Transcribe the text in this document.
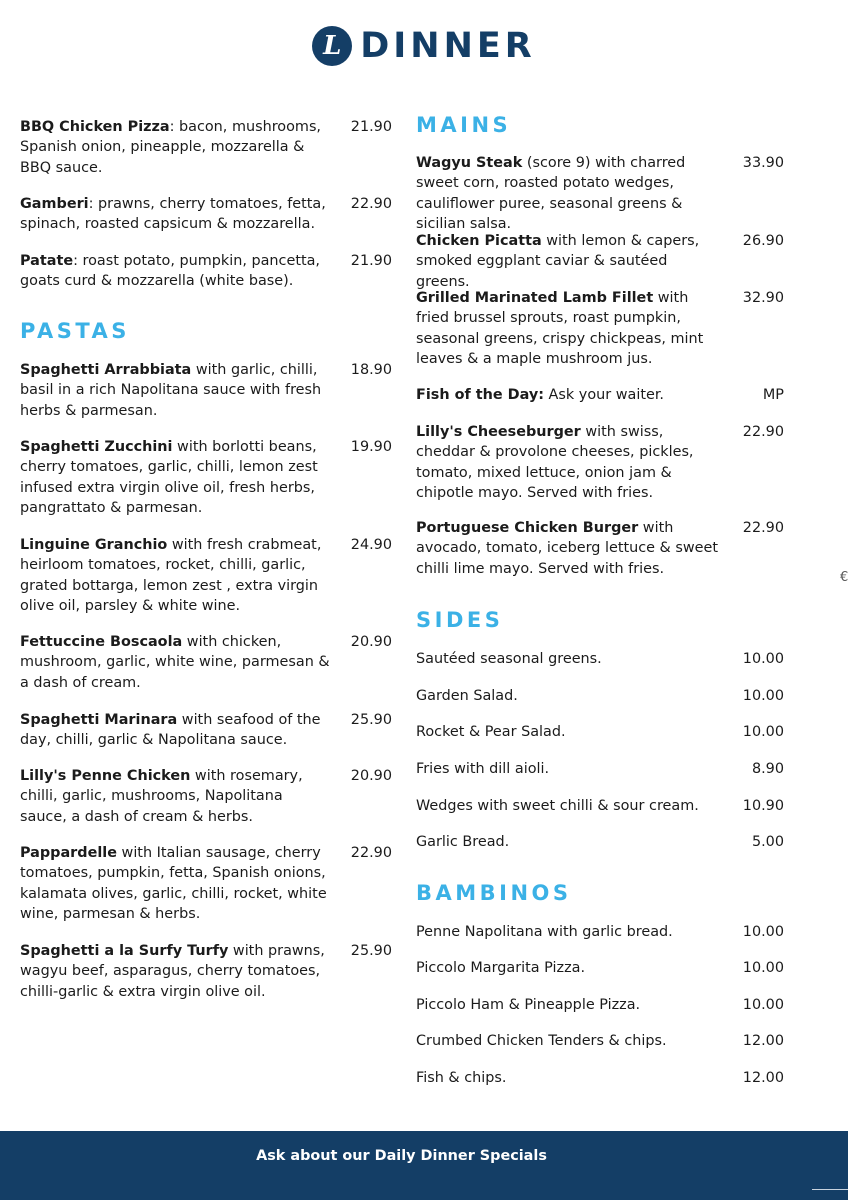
L DINNER
BBQ Chicken Pizza: bacon, mushrooms, Spanish onion, pineapple, mozzarella & BBQ sauce.
21.90
Gamberi: prawns, cherry tomatoes, fetta, spinach, roasted capsicum & mozzarella.
22.90
Patate: roast potato, pumpkin, pancetta, goats curd & mozzarella (white base).
21.90
PASTAS
Spaghetti Arrabbiata with garlic, chilli, basil in a rich Napolitana sauce with fresh herbs & parmesan.
18.90
Spaghetti Zucchini with borlotti beans, cherry tomatoes, garlic, chilli, lemon zest infused extra virgin olive oil, fresh herbs, pangrattato & parmesan.
19.90
Linguine Granchio with fresh crabmeat, heirloom tomatoes, rocket, chilli, garlic, grated bottarga, lemon zest , extra virgin olive oil, parsley & white wine.
24.90
Fettuccine Boscaola with chicken, mushroom, garlic, white wine, parmesan & a dash of cream.
20.90
Spaghetti Marinara with seafood of the day, chilli, garlic & Napolitana sauce.
25.90
Lilly's Penne Chicken with rosemary, chilli, garlic, mushrooms, Napolitana sauce, a dash of cream & herbs.
20.90
Pappardelle with Italian sausage, cherry tomatoes, pumpkin, fetta, Spanish onions, kalamata olives, garlic, chilli, rocket, white wine, parmesan & herbs.
22.90
Spaghetti a la Surfy Turfy with prawns, wagyu beef, asparagus, cherry tomatoes, chilli-garlic & extra virgin olive oil.
25.90
MAINS
Wagyu Steak (score 9) with charred sweet corn, roasted potato wedges, cauliflower puree, seasonal greens & sicilian salsa.
33.90
Chicken Picatta with lemon & capers, smoked eggplant caviar & sautéed greens.
26.90
Grilled Marinated Lamb Fillet with fried brussel sprouts, roast pumpkin, seasonal greens, crispy chickpeas, mint leaves & a maple mushroom jus.
32.90
Fish of the Day: Ask your waiter.	MP
Lilly's Cheeseburger with swiss, cheddar & provolone cheeses, pickles, tomato, mixed lettuce, onion jam & chipotle mayo. Served with fries.
22.90
Portuguese Chicken Burger with avocado, tomato, iceberg lettuce & sweet chilli lime mayo. Served with fries.
22.90
SIDES
Sautéed seasonal greens.	10.00
Garden Salad.	10.00
Rocket & Pear Salad.	10.00
Fries with dill aioli.	8.90
Wedges with sweet chilli & sour cream.	10.90
Garlic Bread.	5.00
BAMBINOS
Penne Napolitana with garlic bread.	10.00
Piccolo Margarita Pizza.	10.00
Piccolo Ham & Pineapple Pizza.	10.00
Crumbed Chicken Tenders & chips.	12.00
Fish & chips.	12.00
€
Ask about our Daily Dinner Specials
